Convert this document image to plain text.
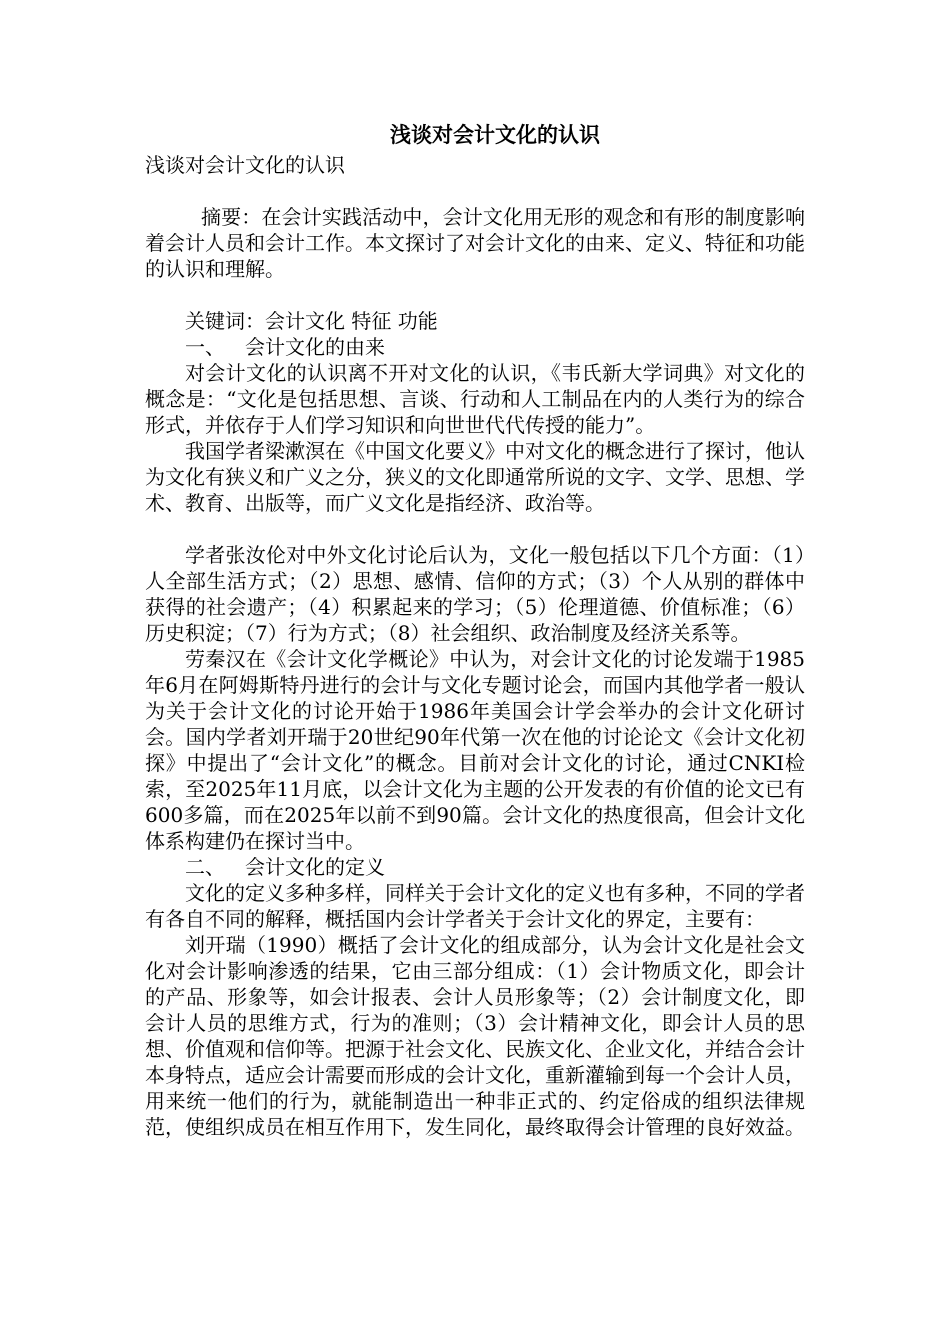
浅谈对会计文化的认识
浅谈对会计文化的认识

摘要：在会计实践活动中，会计文化用无形的观念和有形的制度影响着会计人员和会计工作。本文探讨了对会计文化的由来、定义、特征和功能的认识和理解。

关键词：会计文化 特征 功能
一、 会计文化的由来

对会计文化的认识离不开对文化的认识，《韦氏新大学词典》对文化的概念是：“文化是包括思想、言谈、行动和人工制品在内的人类行为的综合形式，并依存于人们学习知识和向世世代代传授的能力”。

我国学者梁漱溟在《中国文化要义》中对文化的概念进行了探讨，他认为文化有狭义和广义之分，狭义的文化即通常所说的文字、文学、思想、学术、教育、出版等，而广义文化是指经济、政治等。

学者张汝伦对中外文化讨论后认为，文化一般包括以下几个方面：（1）人全部生活方式；（2）思想、感情、信仰的方式；（3）个人从别的群体中获得的社会遗产；（4）积累起来的学习；（5）伦理道德、价值标准；（6）历史积淀；（7）行为方式；（8）社会组织、政治制度及经济关系等。

劳秦汉在《会计文化学概论》中认为，对会计文化的讨论发端于1985年6月在阿姆斯特丹进行的会计与文化专题讨论会，而国内其他学者一般认为关于会计文化的讨论开始于1986年美国会计学会举办的会计文化研讨会。国内学者刘开瑞于20世纪90年代第一次在他的讨论论文《会计文化初探》中提出了“会计文化”的概念。目前对会计文化的讨论，通过CNKI检索，至2025年11月底，以会计文化为主题的公开发表的有价值的论文已有600多篇，而在2025年以前不到90篇。会计文化的热度很高，但会计文化体系构建仍在探讨当中。

二、 会计文化的定义

文化的定义多种多样，同样关于会计文化的定义也有多种，不同的学者有各自不同的解释，概括国内会计学者关于会计文化的界定，主要有：

刘开瑞（1990）概括了会计文化的组成部分，认为会计文化是社会文化对会计影响渗透的结果，它由三部分组成：（1）会计物质文化，即会计的产品、形象等，如会计报表、会计人员形象等；（2）会计制度文化，即会计人员的思维方式，行为的准则；（3）会计精神文化，即会计人员的思想、价值观和信仰等。把源于社会文化、民族文化、企业文化，并结合会计本身特点，适应会计需要而形成的会计文化，重新灌输到每一个会计人员，用来统一他们的行为，就能制造出一种非正式的、约定俗成的组织法律规范，使组织成员在相互作用下，发生同化，最终取得会计管理的良好效益。
